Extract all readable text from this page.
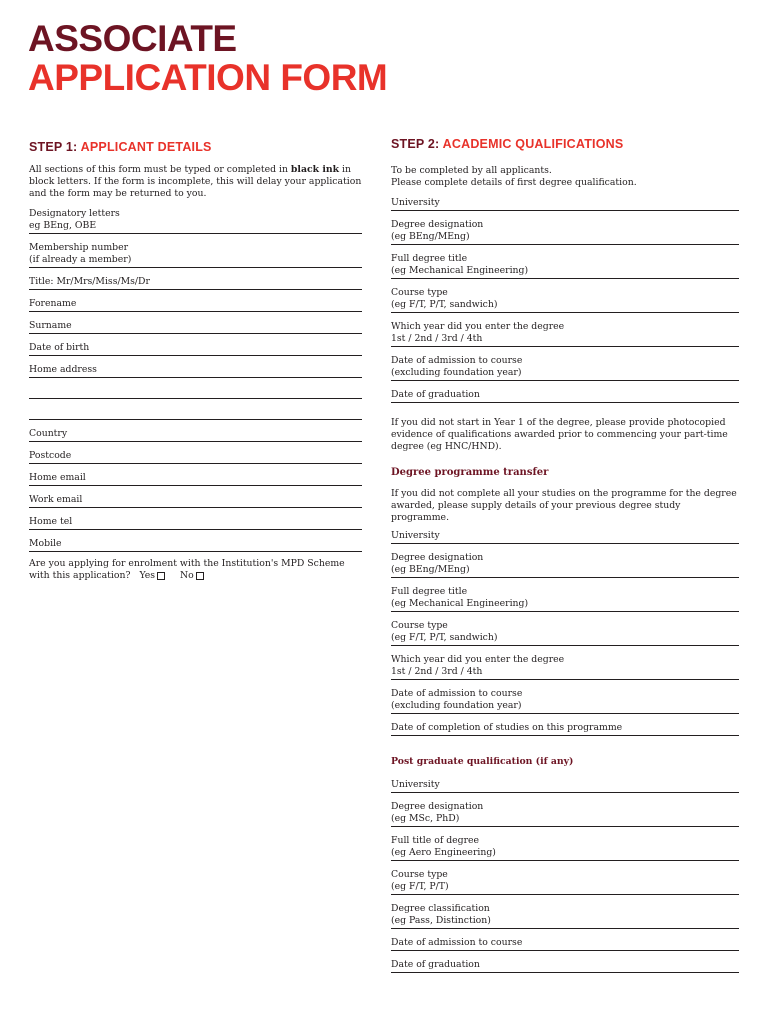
ASSOCIATE
APPLICATION FORM
STEP 1: APPLICANT DETAILS

All sections of this form must be typed or completed in black ink in block letters. If the form is incomplete, this will delay your application and the form may be returned to you.

Designatory letters
eg BEng, OBE
Membership number
(if already a member)
Title: Mr/Mrs/Miss/Ms/Dr
Forename
Surname
Date of birth
Home address
Country
Postcode
Home email
Work email
Home tel
Mobile
Are you applying for enrolment with the Institution's MPD Scheme with this application? Yes	No
STEP 2: ACADEMIC QUALIFICATIONS

To be completed by all applicants.
Please complete details of first degree qualification.

University
Degree designation
(eg BEng/MEng)
Full degree title
(eg Mechanical Engineering)
Course type
(eg F/T, P/T, sandwich)
Which year did you enter the degree
1st / 2nd / 3rd / 4th
Date of admission to course
(excluding foundation year)
Date of graduation

If you did not start in Year 1 of the degree, please provide photocopied evidence of qualifications awarded prior to commencing your part-time degree (eg HNC/HND).

Degree programme transfer

If you did not complete all your studies on the programme for the degree awarded, please supply details of your previous degree study programme.

University
Degree designation
(eg BEng/MEng)
Full degree title
(eg Mechanical Engineering)
Course type
(eg F/T, P/T, sandwich)
Which year did you enter the degree
1st / 2nd / 3rd / 4th
Date of admission to course
(excluding foundation year)
Date of completion of studies on this programme
Post graduate qualification (if any)
University
Degree designation
(eg MSc, PhD)
Full title of degree
(eg Aero Engineering)
Course type
(eg F/T, P/T)
Degree classification
(eg Pass, Distinction)
Date of admission to course
Date of graduation
